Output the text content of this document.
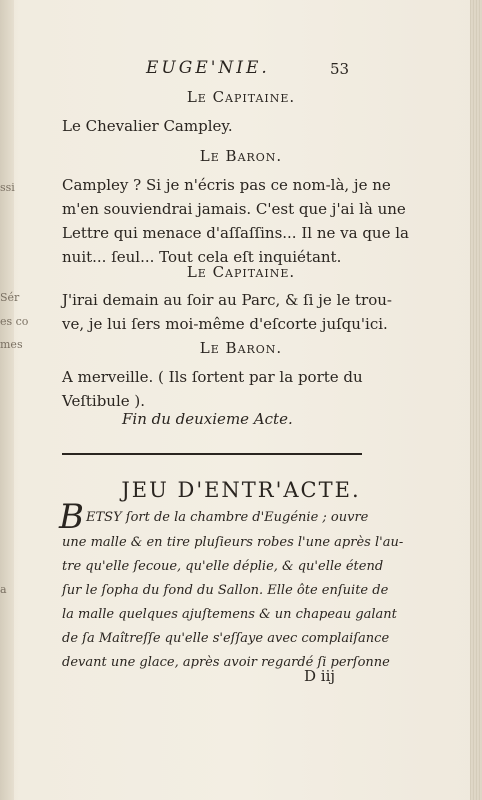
ssi
Sér
es co
mes
a
EUGE'NIE.	53
Le Capitaine.
Le Chevalier Campley.
Le Baron.
Campley ? Si je n'écris pas ce nom-là, je ne
m'en souviendrai jamais. C'est que j'ai là une
Lettre qui menace d'aſſaſſins... Il ne va que la
nuit... ſeul... Tout cela eſt inquiétant.
Le Capitaine.
J'irai demain au ſoir au Parc, & ſi je le trou-
ve, je lui ſers moi-même d'eſcorte juſqu'ici.
Le Baron.
A merveille. ( Ils ſortent par la porte du
Veſtibule ).
Fin du deuxieme Acte.
JEU D'ENTR'ACTE.
B ETSY ſort de la chambre d'Eugénie ; ouvre
une malle & en tire pluſieurs robes l'une après l'au-
tre qu'elle ſecoue, qu'elle déplie, & qu'elle étend
ſur le ſopha du fond du Sallon. Elle ôte enſuite de
la malle quelques ajuſtemens & un chapeau galant
de ſa Maîtreſſe qu'elle s'eſſaye avec complaiſance
devant une glace, après avoir regardé ſi perſonne
D iij
